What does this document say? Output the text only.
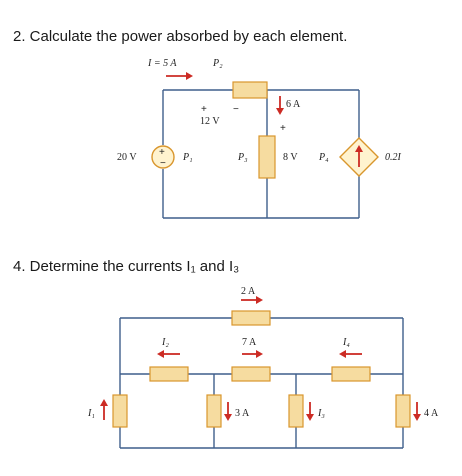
2. Calculate the power absorbed by each element.
4. Determine the currents I₁ and I₃
I = 5 A	P₂
+	−
12 V
+
−
20 V	P₁	P₃
6 A
+
8 V P₄	0.2I
2 A
I₂	7 A	I₄
I₁	3 A	I₃	4 A
